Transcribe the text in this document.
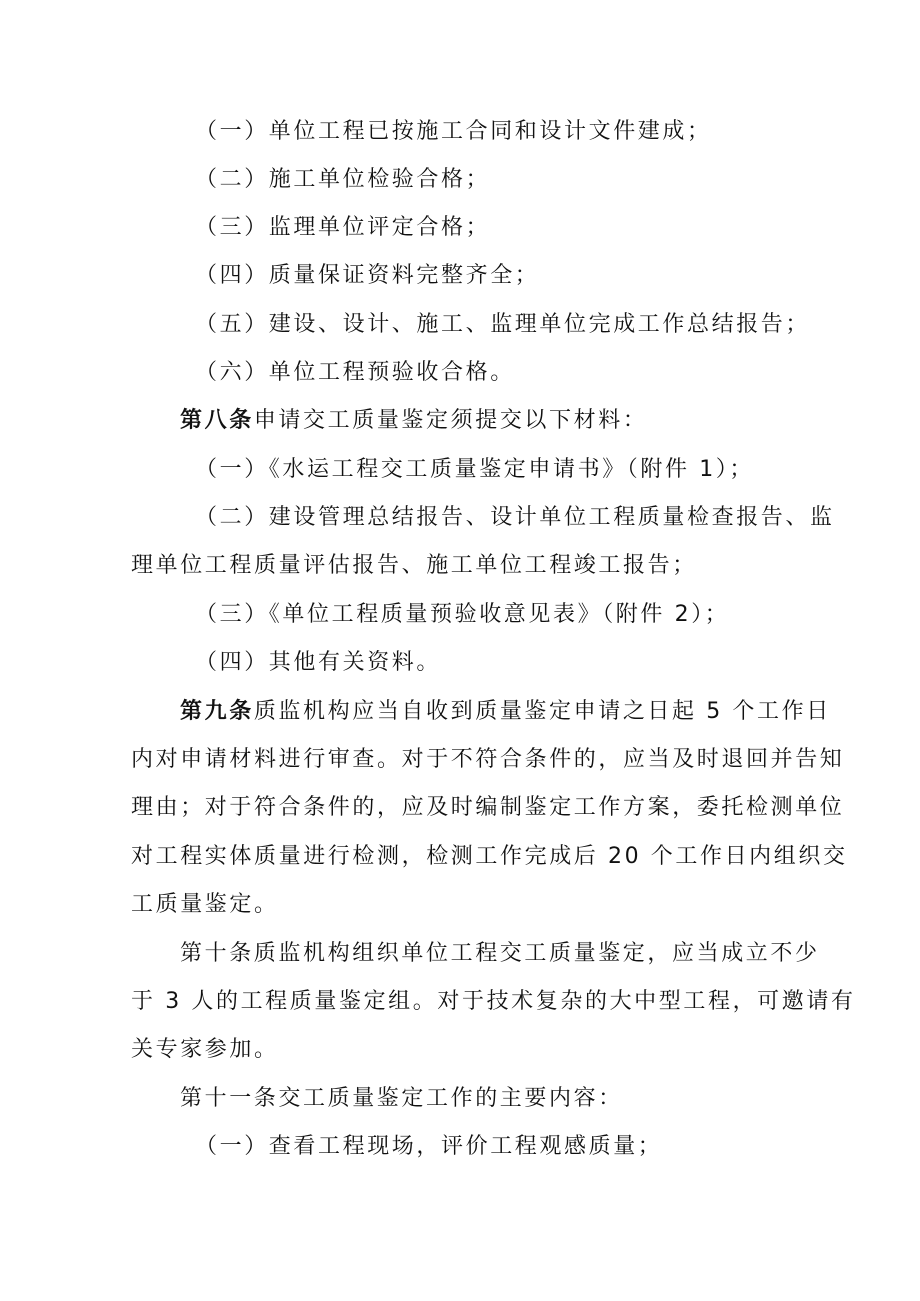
（一）单位工程已按施工合同和设计文件建成；
（二）施工单位检验合格；
（三）监理单位评定合格；
（四）质量保证资料完整齐全；
（五）建设、设计、施工、监理单位完成工作总结报告；
（六）单位工程预验收合格。
第八条申请交工质量鉴定须提交以下材料：
（一）《水运工程交工质量鉴定申请书》（附件 1）；
（二）建设管理总结报告、设计单位工程质量检查报告、监
理单位工程质量评估报告、施工单位工程竣工报告；
（三）《单位工程质量预验收意见表》（附件 2）；
（四）其他有关资料。
第九条质监机构应当自收到质量鉴定申请之日起 5 个工作日
内对申请材料进行审查。对于不符合条件的，应当及时退回并告知
理由；对于符合条件的，应及时编制鉴定工作方案，委托检测单位
对工程实体质量进行检测，检测工作完成后 20 个工作日内组织交
工质量鉴定。
第十条质监机构组织单位工程交工质量鉴定，应当成立不少
于 3 人的工程质量鉴定组。对于技术复杂的大中型工程，可邀请有
关专家参加。
第十一条交工质量鉴定工作的主要内容：
（一）查看工程现场，评价工程观感质量；
